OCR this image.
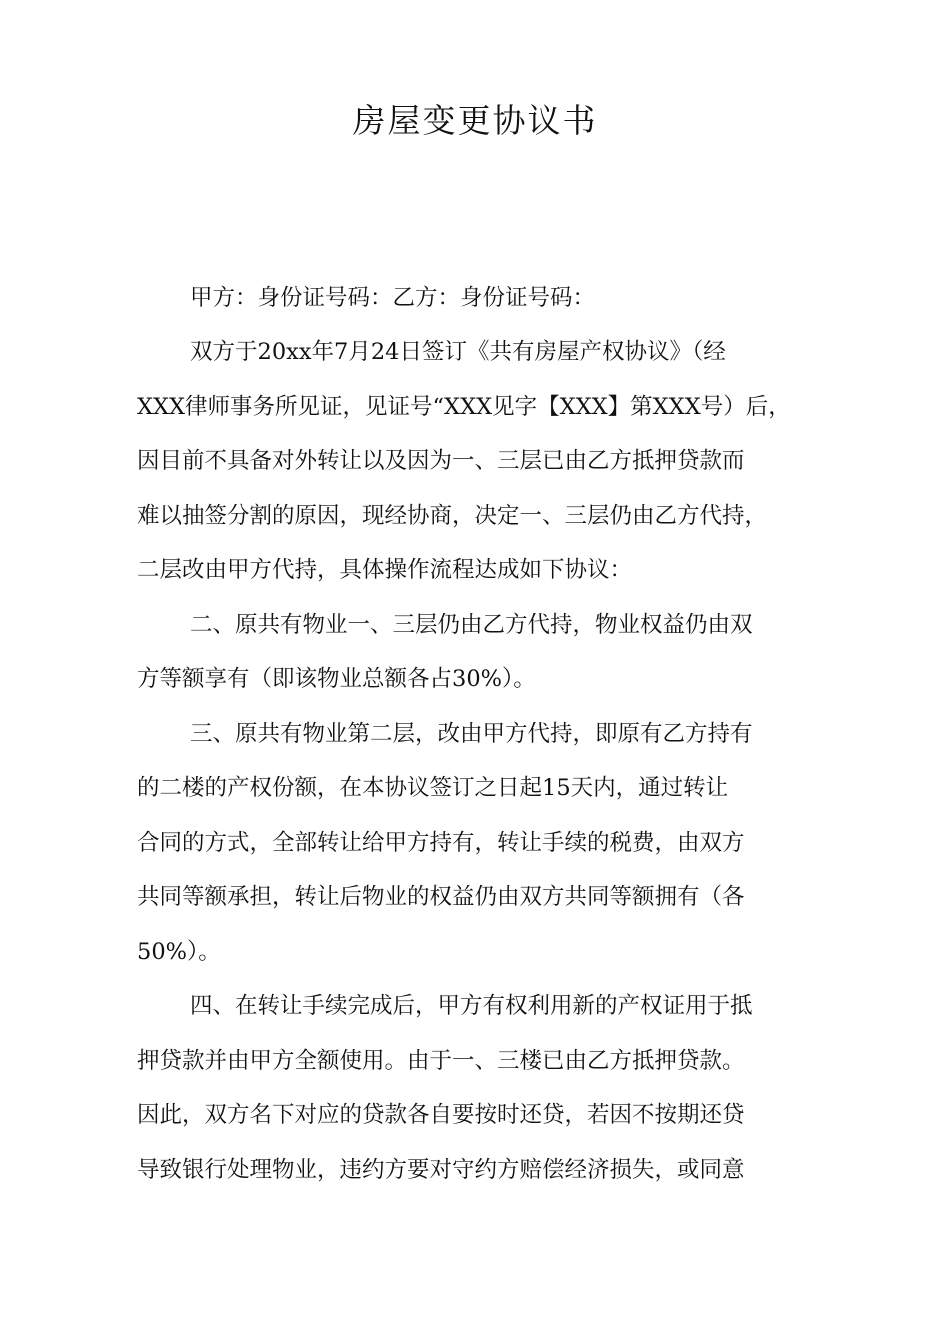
房屋变更协议书

甲方：身份证号码：乙方：身份证号码：

双方于20xx年7月24日签订《共有房屋产权协议》（经

XXX律师事务所见证，见证号“XXX见字【XXX】第XXX号）后，

因目前不具备对外转让以及因为一、三层已由乙方抵押贷款而

难以抽签分割的原因，现经协商，决定一、三层仍由乙方代持，

二层改由甲方代持，具体操作流程达成如下协议：

二、原共有物业一、三层仍由乙方代持，物业权益仍由双

方等额享有（即该物业总额各占30%）。

三、原共有物业第二层，改由甲方代持，即原有乙方持有

的二楼的产权份额，在本协议签订之日起15天内，通过转让

合同的方式，全部转让给甲方持有，转让手续的税费，由双方

共同等额承担，转让后物业的权益仍由双方共同等额拥有（各

50%）。

四、在转让手续完成后，甲方有权利用新的产权证用于抵

押贷款并由甲方全额使用。由于一、三楼已由乙方抵押贷款。

因此，双方名下对应的贷款各自要按时还贷，若因不按期还贷

导致银行处理物业，违约方要对守约方赔偿经济损失，或同意
